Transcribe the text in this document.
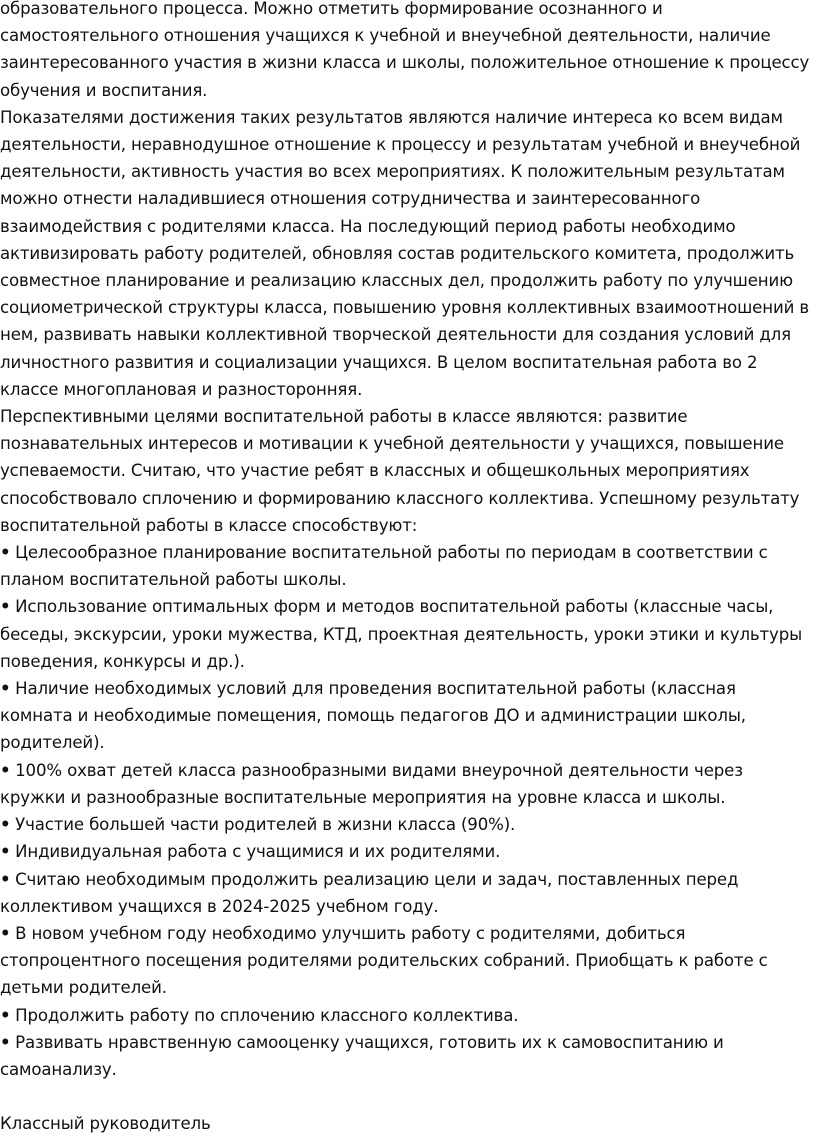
образовательного процесса. Можно отметить формирование осознанного и самостоятельного отношения учащихся к учебной и внеучебной деятельности, наличие заинтересованного участия в жизни класса и школы, положительное отношение к процессу обучения и воспитания.

Показателями достижения таких результатов являются наличие интереса ко всем видам деятельности, неравнодушное отношение к процессу и результатам учебной и внеучебной деятельности, активность участия во всех мероприятиях. К положительным результатам можно отнести наладившиеся отношения сотрудничества и заинтересованного взаимодействия с родителями класса. На последующий период работы необходимо активизировать работу родителей, обновляя состав родительского комитета, продолжить совместное планирование и реализацию классных дел, продолжить работу по улучшению социометрической структуры класса, повышению уровня коллективных взаимоотношений в нем, развивать навыки коллективной творческой деятельности для создания условий для личностного развития и социализации учащихся. В целом воспитательная работа во 2 классе многоплановая и разносторонняя.

Перспективными целями воспитательной работы в классе являются: развитие познавательных интересов и мотивации к учебной деятельности у учащихся, повышение успеваемости. Считаю, что участие ребят в классных и общешкольных мероприятиях способствовало сплочению и формированию классного коллектива. Успешному результату воспитательной работы в классе способствуют:

• Целесообразное планирование воспитательной работы по периодам в соответствии с планом воспитательной работы школы.

• Использование оптимальных форм и методов воспитательной работы (классные часы, беседы, экскурсии, уроки мужества, КТД, проектная деятельность, уроки этики и культуры поведения, конкурсы и др.).

• Наличие необходимых условий для проведения воспитательной работы (классная комната и необходимые помещения, помощь педагогов ДО и администрации школы, родителей).

• 100% охват детей класса разнообразными видами внеурочной деятельности через кружки и разнообразные воспитательные мероприятия на уровне класса и школы.

• Участие большей части родителей в жизни класса (90%).

• Индивидуальная работа с учащимися и их родителями.

• Считаю необходимым продолжить реализацию цели и задач, поставленных перед коллективом учащихся в 2024-2025 учебном году.

• В новом учебном году необходимо улучшить работу с родителями, добиться стопроцентного посещения родителями родительских собраний. Приобщать к работе с детьми родителей.

• Продолжить работу по сплочению классного коллектива.

• Развивать нравственную самооценку учащихся, готовить их к самовоспитанию и самоанализу.

Классный руководитель
